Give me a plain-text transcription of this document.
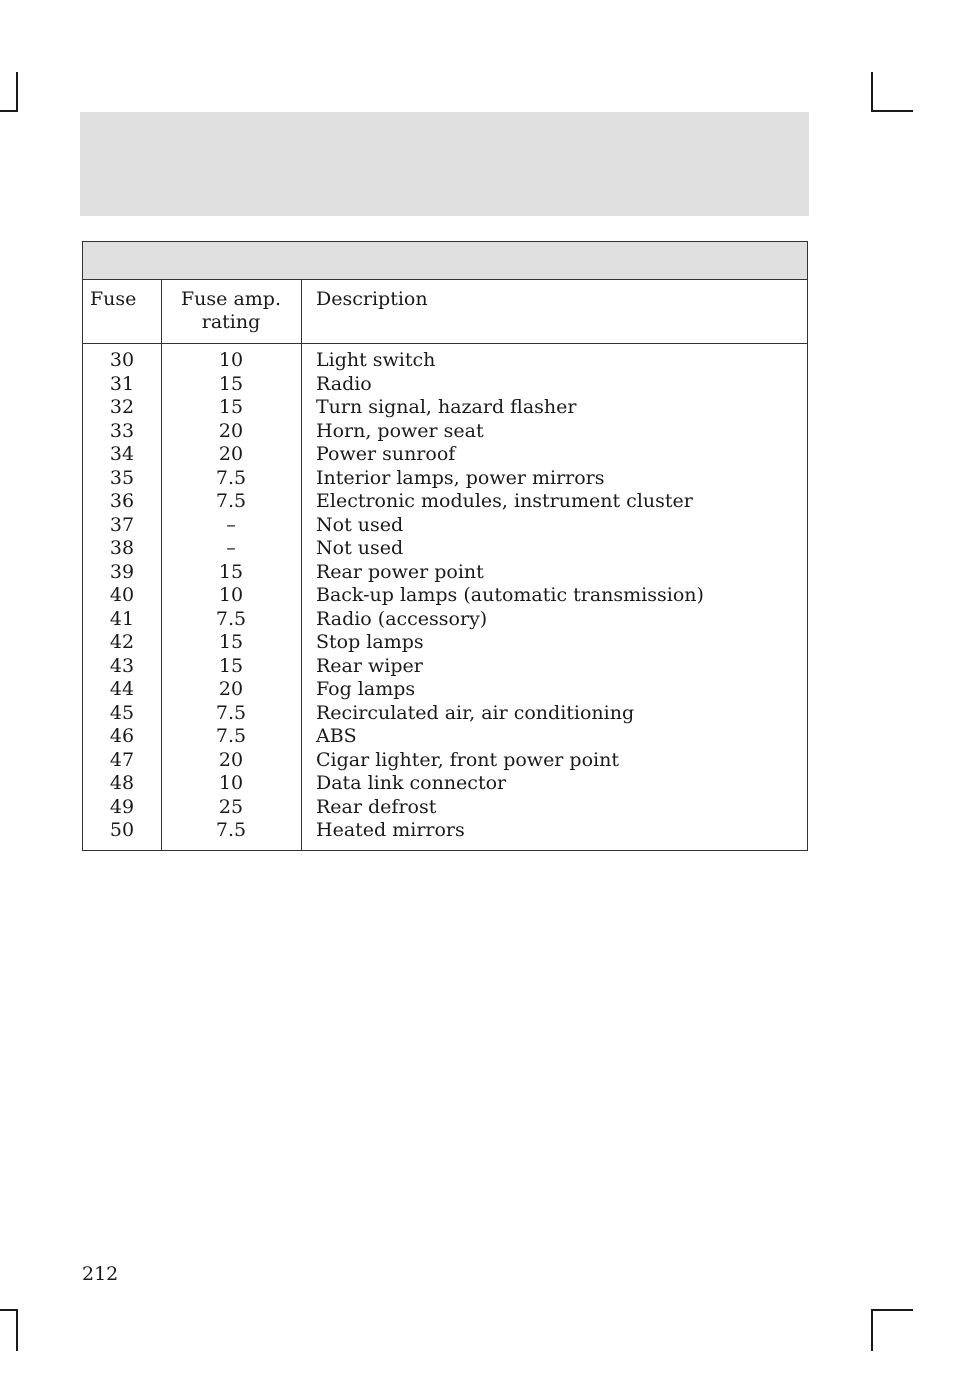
Fuse	Fuse amp.
rating
Description
30
31
32
33
34
35
36
37
38
39
40
41
42
43
44
45
46
47
48
49
50
10
15
15
20
20
7.5
7.5
–
–
15
10
7.5
15
15
20
7.5
7.5
20
10
25
7.5
Light switch
Radio
Turn signal, hazard flasher
Horn, power seat
Power sunroof
Interior lamps, power mirrors
Electronic modules, instrument cluster
Not used
Not used
Rear power point
Back-up lamps (automatic transmission)
Radio (accessory)
Stop lamps
Rear wiper
Fog lamps
Recirculated air, air conditioning
ABS
Cigar lighter, front power point
Data link connector
Rear defrost
Heated mirrors
212
